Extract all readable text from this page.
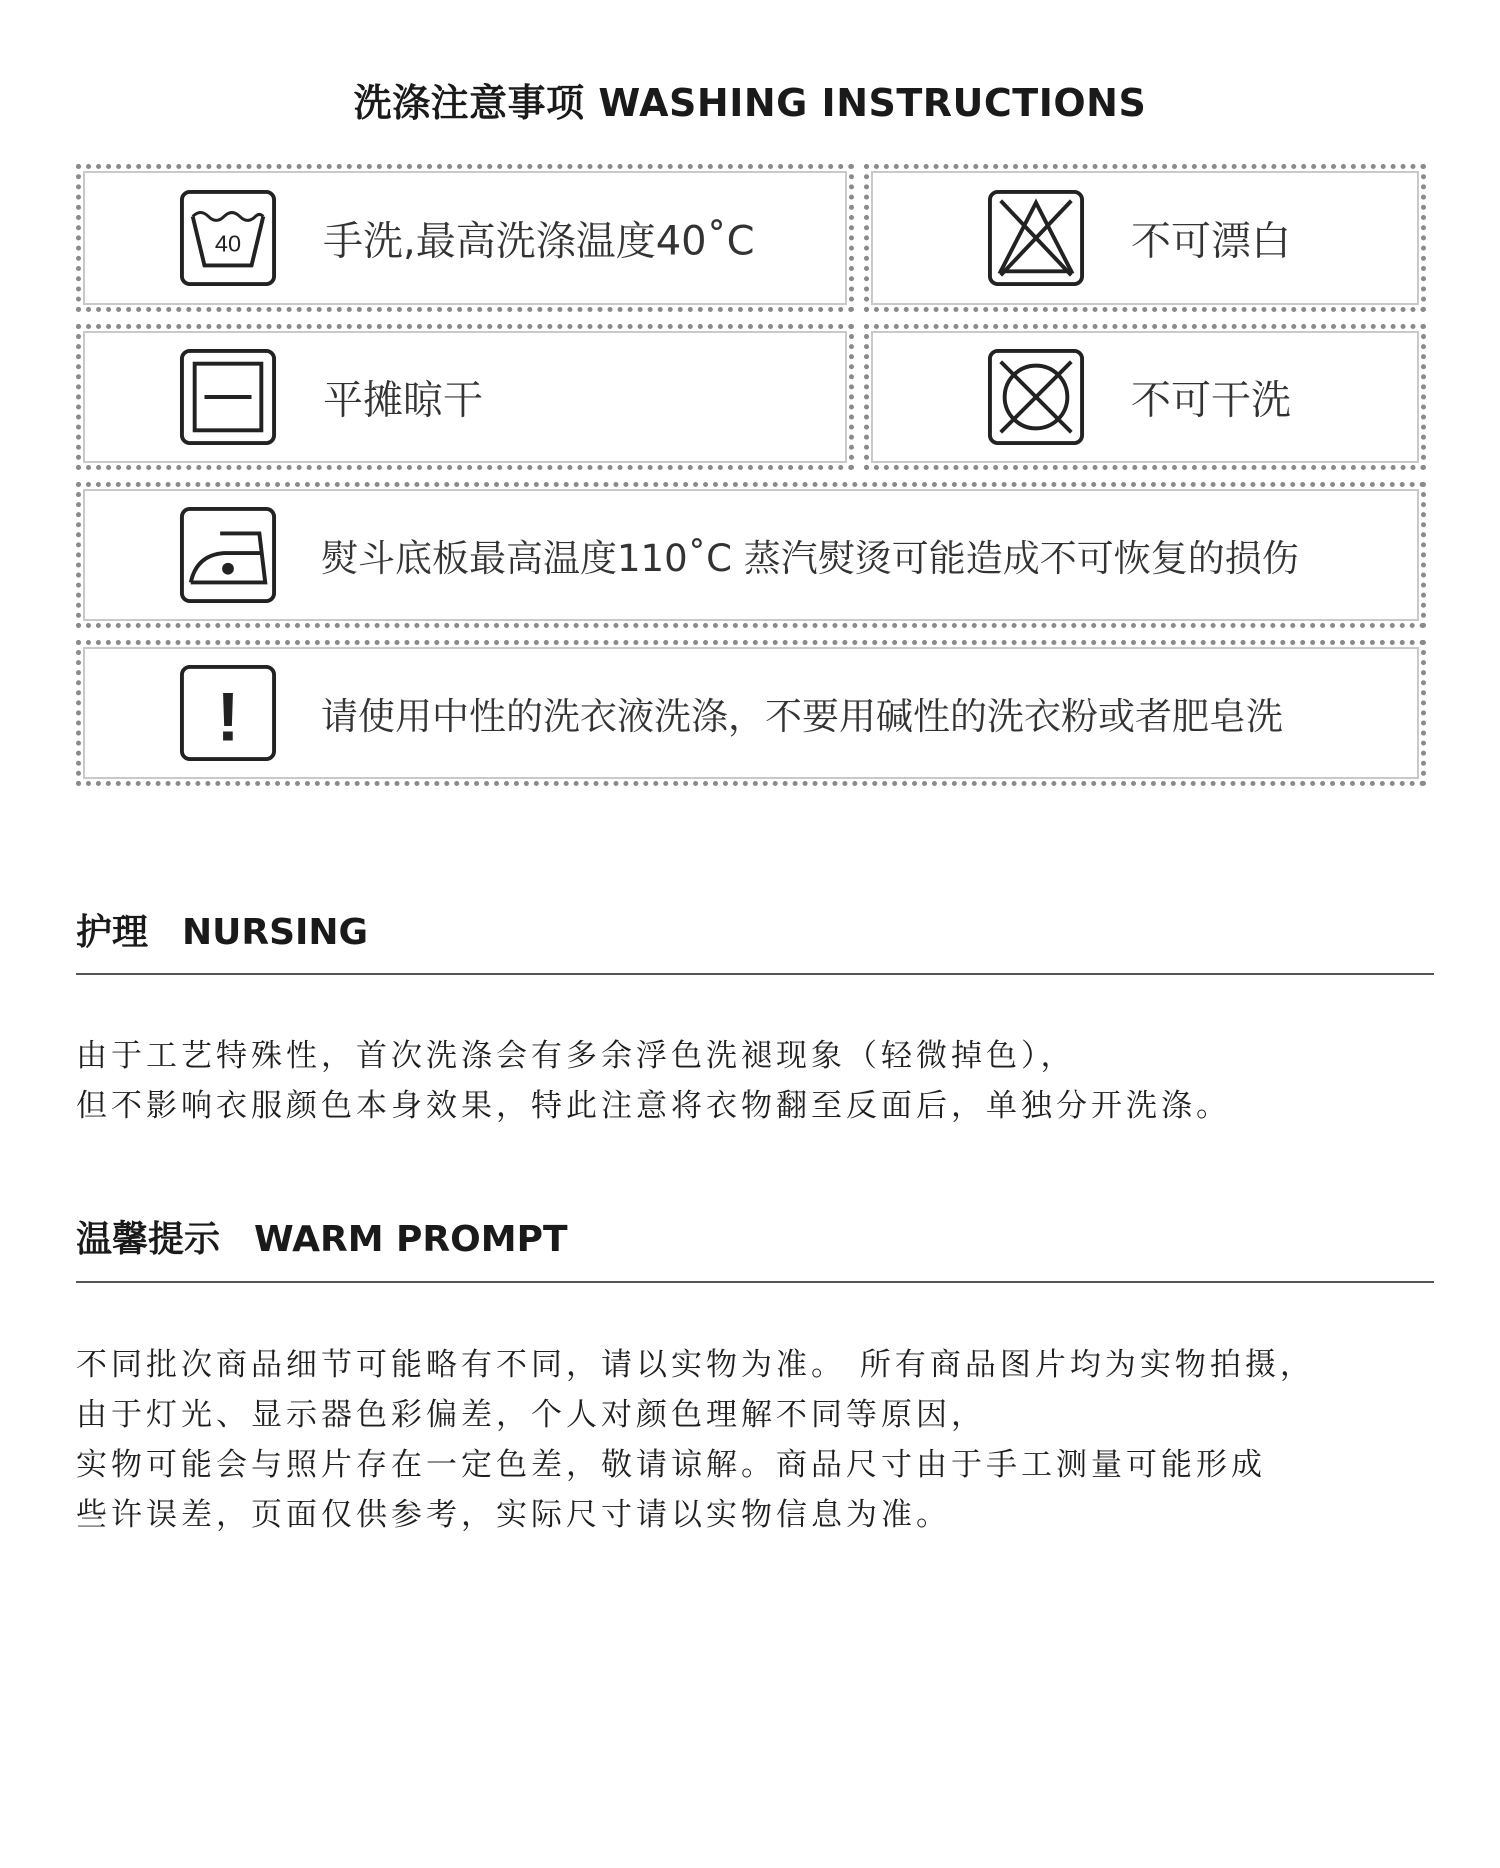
洗涤注意事项 WASHING INSTRUCTIONS
40 手洗,最高洗涤温度40˚C	不可漂白
平摊晾干	不可干洗
熨斗底板最高温度110˚C 蒸汽熨烫可能造成不可恢复的损伤
! 请使用中性的洗衣液洗涤，不要用碱性的洗衣粉或者肥皂洗
护理 NURSING
由于工艺特殊性，首次洗涤会有多余浮色洗褪现象（轻微掉色），
但不影响衣服颜色本身效果，特此注意将衣物翻至反面后，单独分开洗涤。
温馨提示 WARM PROMPT
不同批次商品细节可能略有不同，请以实物为准。 所有商品图片均为实物拍摄，
由于灯光、显示器色彩偏差，个人对颜色理解不同等原因，
实物可能会与照片存在一定色差，敬请谅解。商品尺寸由于手工测量可能形成
些许误差，页面仅供参考，实际尺寸请以实物信息为准。
